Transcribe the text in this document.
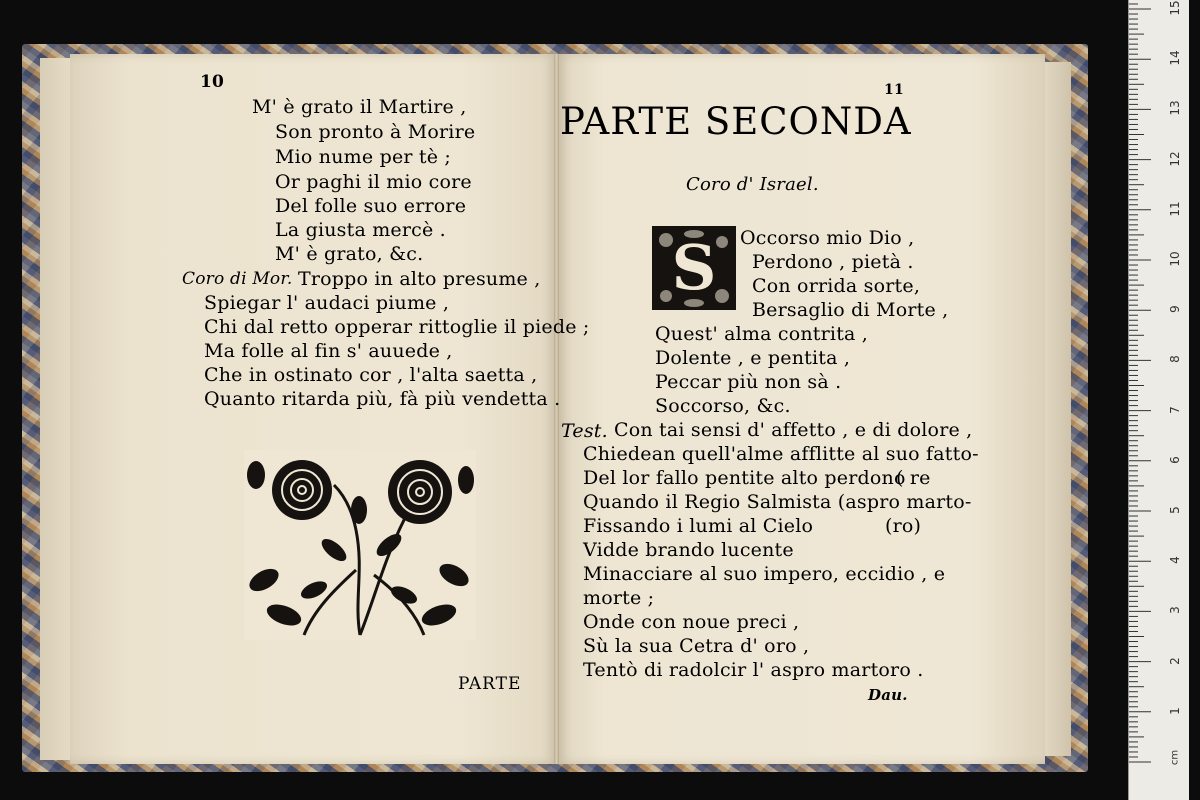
10
M' è grato il Martire ,
Son pronto à Morire
Mio nume per tè ;
Or paghi il mio core
Del folle suo errore
La giusta mercè .
M' è grato, &c.
Coro di Mor. Troppo in alto presume ,
Spiegar l' audaci piume ,
Chi dal retto opperar rittoglie il piede ;
Ma folle al fin s' auuede ,
Che in ostinato cor , l'alta saetta ,
Quanto ritarda più, fà più vendetta .
PARTE
11
PARTE SECONDA
Coro d' Israel.
S	Occorso mio Dio ,
Perdono , pietà .
Con orrida sorte,
Bersaglio di Morte ,
Quest' alma contrita ,
Dolente , e pentita ,
Peccar più non sà .
Soccorso, &c.
Test. Con tai sensi d' affetto , e di dolore ,
Chiedean quell'alme afflitte al suo fatto-
Del lor fallo pentite alto perdono
( re
Quando il Regio Salmista (aspro marto-
Fissando i lumi al Cielo	(ro)
Vidde brando lucente
Minacciare al suo impero, eccidio , e
morte ;
Onde con noue preci ,
Sù la sua Cetra d' oro ,
Tentò di radolcir l' aspro martoro .
Dau.
cm
1
2
3
4
5
6
7
8
9
10
11
12
13
14
15
